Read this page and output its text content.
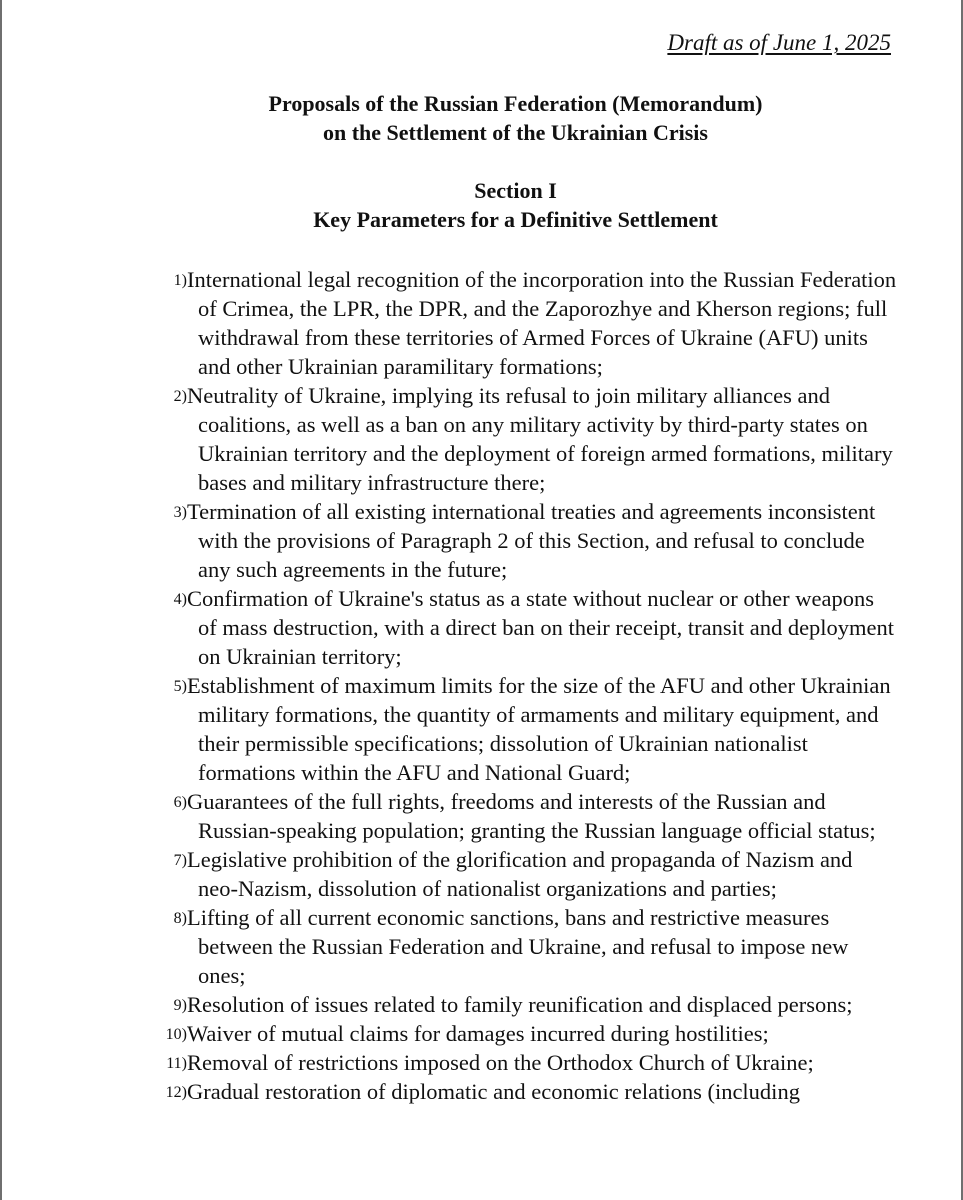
Draft as of June 1, 2025
Proposals of the Russian Federation (Memorandum)
on the Settlement of the Ukrainian Crisis
Section I
Key Parameters for a Definitive Settlement
1) International legal recognition of the incorporation into the Russian Federation of Crimea, the LPR, the DPR, and the Zaporozhye and Kherson regions; full withdrawal from these territories of Armed Forces of Ukraine (AFU) units and other Ukrainian paramilitary formations;
2) Neutrality of Ukraine, implying its refusal to join military alliances and coalitions, as well as a ban on any military activity by third-party states on Ukrainian territory and the deployment of foreign armed formations, military bases and military infrastructure there;
3) Termination of all existing international treaties and agreements inconsistent with the provisions of Paragraph 2 of this Section, and refusal to conclude any such agreements in the future;
4) Confirmation of Ukraine's status as a state without nuclear or other weapons of mass destruction, with a direct ban on their receipt, transit and deployment on Ukrainian territory;
5) Establishment of maximum limits for the size of the AFU and other Ukrainian military formations, the quantity of armaments and military equipment, and their permissible specifications; dissolution of Ukrainian nationalist formations within the AFU and National Guard;
6) Guarantees of the full rights, freedoms and interests of the Russian and Russian-speaking population; granting the Russian language official status;
7) Legislative prohibition of the glorification and propaganda of Nazism and neo-Nazism, dissolution of nationalist organizations and parties;
8) Lifting of all current economic sanctions, bans and restrictive measures between the Russian Federation and Ukraine, and refusal to impose new ones;
9) Resolution of issues related to family reunification and displaced persons;
10) Waiver of mutual claims for damages incurred during hostilities;
11) Removal of restrictions imposed on the Orthodox Church of Ukraine;
12) Gradual restoration of diplomatic and economic relations (including
